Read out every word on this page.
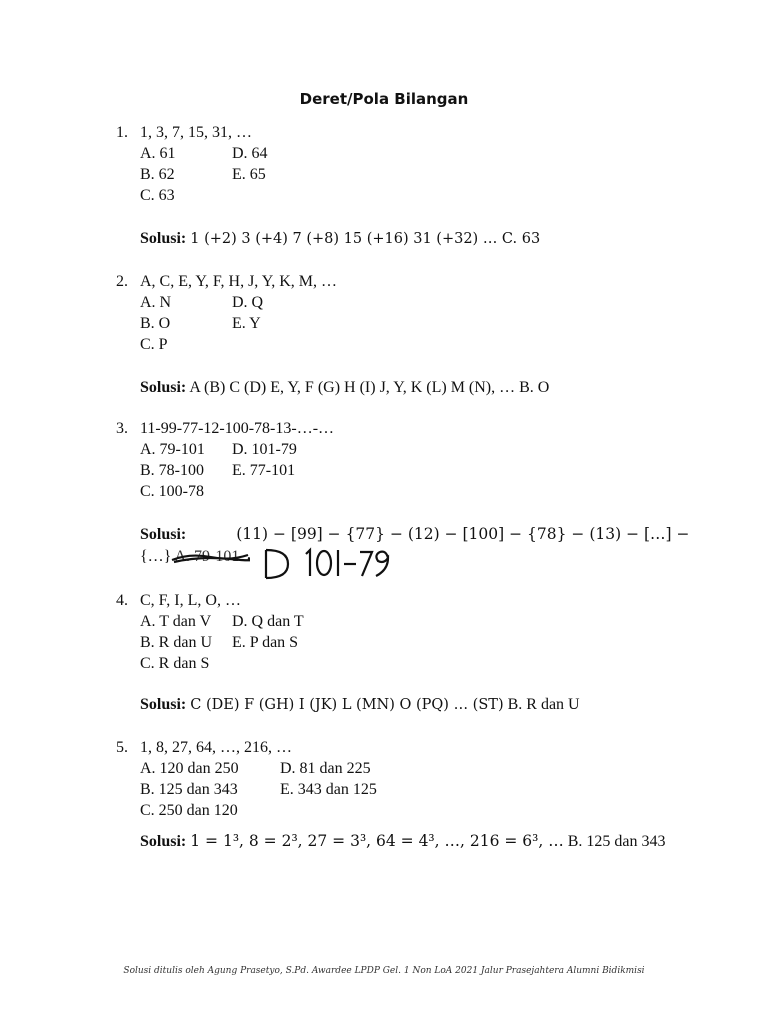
Deret/Pola Bilangan
1. 1, 3, 7, 15, 31, …
A. 61	D. 64
B. 62	E. 65
C. 63
Solusi: 1 (+2) 3 (+4) 7 (+8) 15 (+16) 31 (+32) … C. 63
2. A, C, E, Y, F, H, J, Y, K, M, …
A. N	D. Q
B. O	E. Y
C. P
Solusi: A (B) C (D) E, Y, F (G) H (I) J, Y, K (L) M (N), … B. O
3. 11-99-77-12-100-78-13-…-…
A. 79-101 D. 101-79
B. 78-100 E. 77-101
C. 100-78
Solusi:	(11) − [99] − {77} − (12) − [100] − {78} − (13) − […] −
{…} A. 79-101
4. C, F, I, L, O, …
A. T dan V D. Q dan T
B. R dan U E. P dan S
C. R dan S
Solusi: C (DE) F (GH) I (JK) L (MN) O (PQ) … (ST) B. R dan U
5. 1, 8, 27, 64, …, 216, …
A. 120 dan 250	D. 81 dan 225
B. 125 dan 343	E. 343 dan 125
C. 250 dan 120
Solusi: 1 = 1³, 8 = 2³, 27 = 3³, 64 = 4³, …, 216 = 6³, … B. 125 dan 343
Solusi ditulis oleh Agung Prasetyo, S.Pd. Awardee LPDP Gel. 1 Non LoA 2021 Jalur Prasejahtera Alumni Bidikmisi
